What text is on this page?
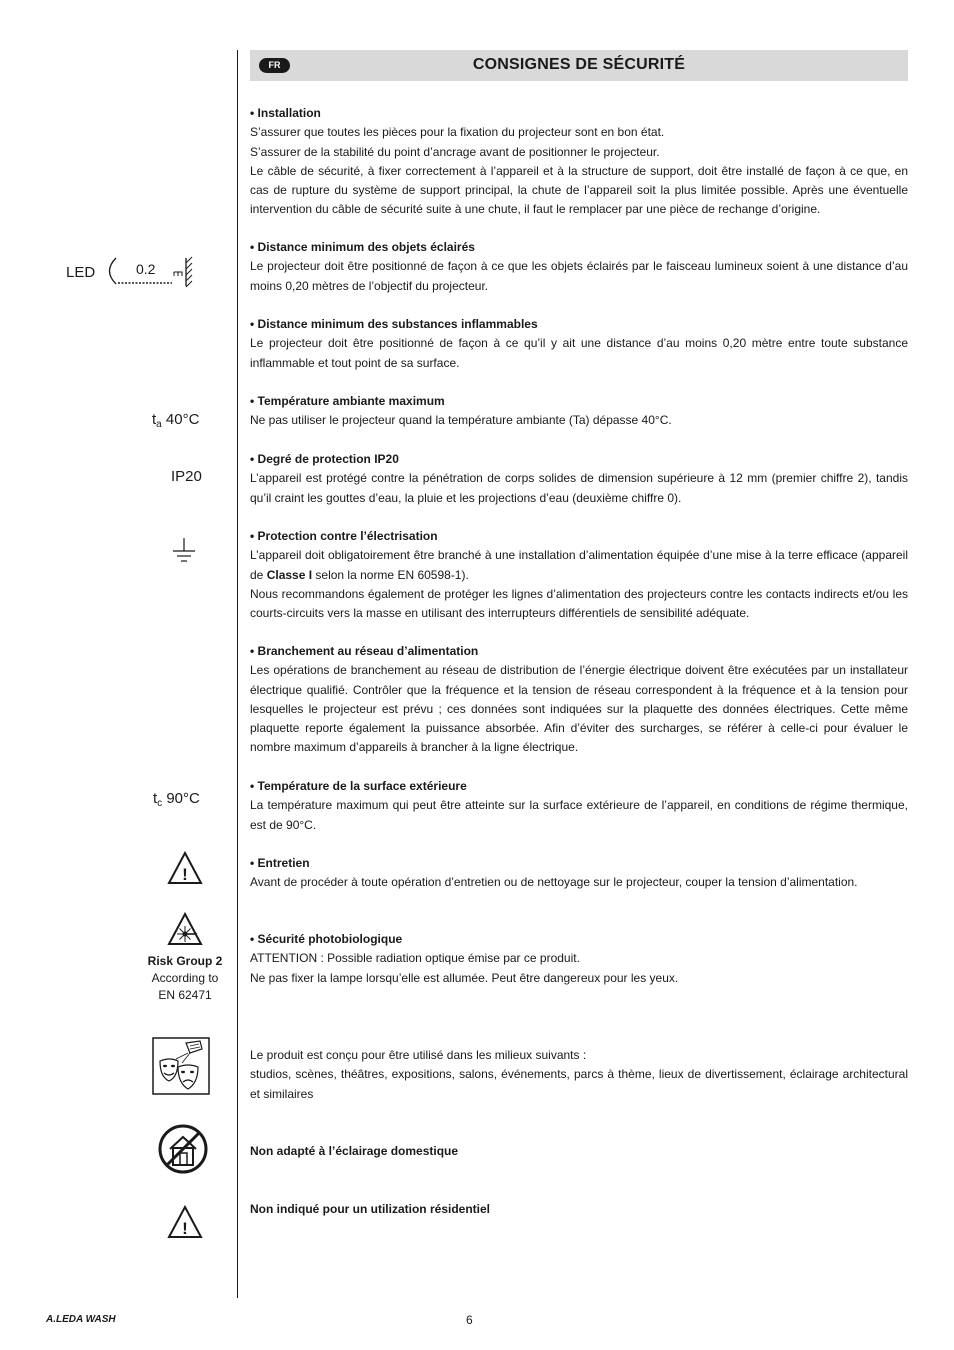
FR	CONSIGNES DE SÉCURITÉ

• Installation

S’assurer que toutes les pièces pour la fixation du projecteur sont en bon état.

S’assurer de la stabilité du point d’ancrage avant de positionner le projecteur.

Le câble de sécurité, à fixer correctement à l’appareil et à la structure de support, doit être installé de façon à ce que, en cas de rupture du système de support principal, la chute de l’appareil soit la plus limitée possible. Après une éventuelle intervention du câble de sécurité suite à une chute, il faut le remplacer par une pièce de rechange d’origine.

• Distance minimum des objets éclairés

Le projecteur doit être positionné de façon à ce que les objets éclairés par le faisceau lumineux soient à une distance d’au moins 0,20 mètres de l’objectif du projecteur.

• Distance minimum des substances inflammables

Le projecteur doit être positionné de façon à ce qu’il y ait une distance d’au moins 0,20 mètre entre toute substance inflammable et tout point de sa surface.

• Température ambiante maximum

Ne pas utiliser le projecteur quand la température ambiante (Ta) dépasse 40°C.

• Degré de protection IP20

L’appareil est protégé contre la pénétration de corps solides de dimension supérieure à 12 mm (premier chiffre 2), tandis qu’il craint les gouttes d’eau, la pluie et les projections d’eau (deuxième chiffre 0).

• Protection contre l’électrisation

L’appareil doit obligatoirement être branché à une installation d’alimentation équipée d’une mise à la terre efficace (appareil de Classe I selon la norme EN 60598-1).

Nous recommandons également de protéger les lignes d’alimentation des projecteurs contre les contacts indirects et/ou les courts-circuits vers la masse en utilisant des interrupteurs différentiels de sensibilité adéquate.

• Branchement au réseau d’alimentation

Les opérations de branchement au réseau de distribution de l’énergie électrique doivent être exécutées par un installateur électrique qualifié. Contrôler que la fréquence et la tension de réseau correspondent à la fréquence et à la tension pour lesquelles le projecteur est prévu ; ces données sont indiquées sur la plaquette des données électriques. Cette même plaquette reporte également la puissance absorbée. Afin d’éviter des surcharges, se référer à celle-ci pour évaluer le nombre maximum d’appareils à brancher à la ligne électrique.

• Température de la surface extérieure

La température maximum qui peut être atteinte sur la surface extérieure de l’appareil, en conditions de régime thermique, est de 90°C.

• Entretien

Avant de procéder à toute opération d’entretien ou de nettoyage sur le projecteur, couper la tension d’alimentation.

• Sécurité photobiologique

ATTENTION : Possible radiation optique émise par ce produit.

Ne pas fixer la lampe lorsqu’elle est allumée. Peut être dangereux pour les yeux.

Le produit est conçu pour être utilisé dans les milieux suivants :

studios, scènes, théâtres, expositions, salons, événements, parcs à thème, lieux de divertissement, éclairage architectural et similaires

Non adapté à l’éclairage domestique

Non indiqué pour un utilization résidentiel

LED	0.2
$t_a$ 40°C
IP20
$t_c$ 90°C
!
Risk Group 2
According to
EN 62471
!
A.LEDA WASH	6
